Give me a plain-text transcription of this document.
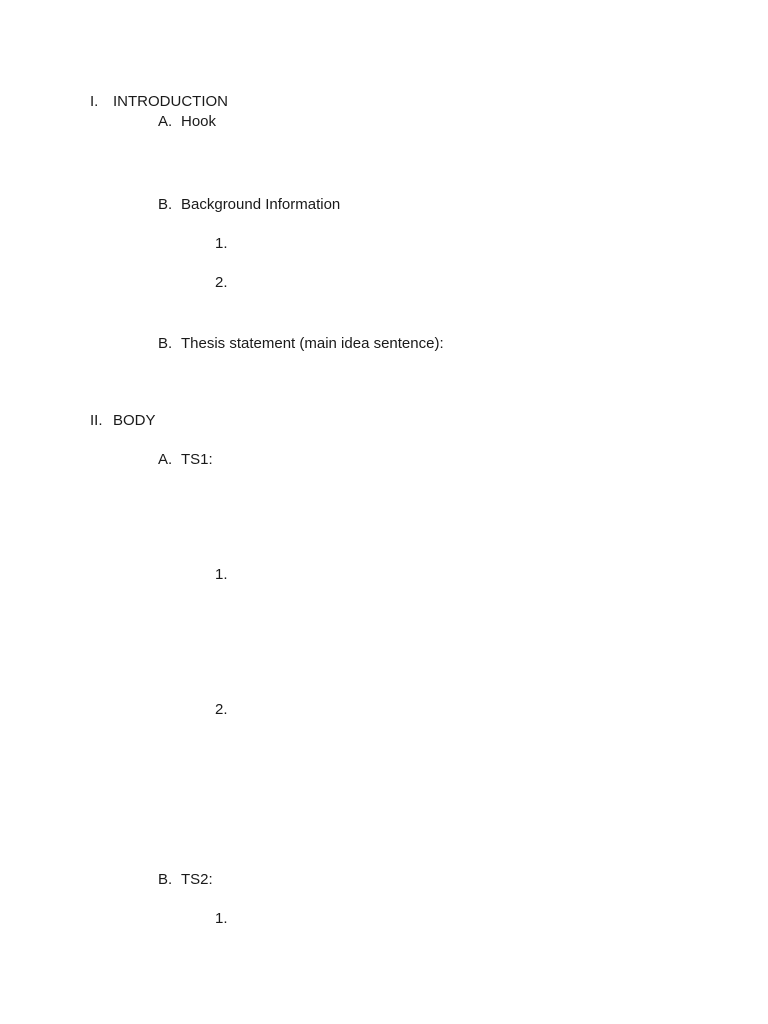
I. INTRODUCTION
A. Hook
B. Background Information
1.
2.
B. Thesis statement (main idea sentence):
II. BODY
A. TS1:
1.
2.
B. TS2:
1.
